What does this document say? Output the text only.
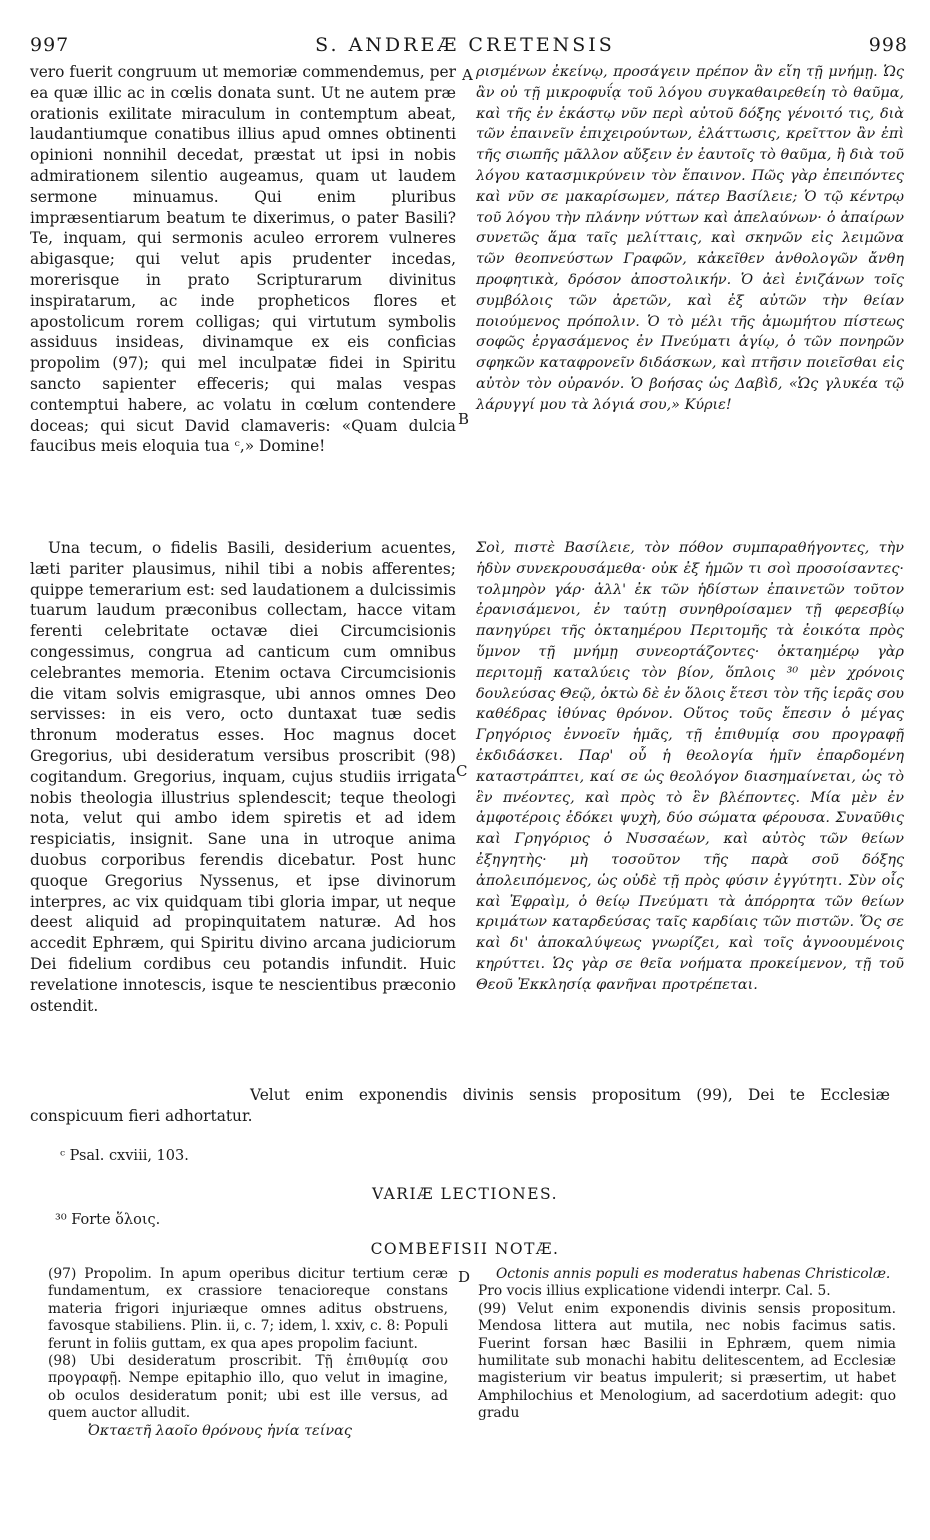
997	S. ANDREÆ CRETENSIS	998

vero fuerit congruum ut memoriæ commendemus, per ea quæ illic ac in cœlis donata sunt. Ut ne autem præ orationis exilitate miraculum in contemptum abeat, laudantiumque conatibus illius apud omnes obtinenti opinioni nonnihil decedat, præstat ut ipsi in nobis admirationem silentio augeamus, quam ut laudem sermone minuamus. Qui enim pluribus impræsentiarum beatum te dixerimus, o pater Basili? Te, inquam, qui sermonis aculeo errorem vulneres abigasque; qui velut apis prudenter incedas, morerisque in prato Scripturarum divinitus inspiratarum, ac inde propheticos flores et apostolicum rorem colligas; qui virtutum symbolis assiduus insideas, divinamque ex eis conficias propolim (97); qui mel inculpatæ fidei in Spiritu sancto sapienter effeceris; qui malas vespas contemptui habere, ac volatu in cœlum contendere doceas; qui sicut David clamaveris: «Quam dulcia faucibus meis eloquia tua ᶜ,» Domine!

Una tecum, o fidelis Basili, desiderium acuentes, læti pariter plausimus, nihil tibi a nobis afferentes; quippe temerarium est: sed laudationem a dulcissimis tuarum laudum præconibus collectam, hacce vitam ferenti celebritate octavæ diei Circumcisionis congessimus, congrua ad canticum cum omnibus celebrantes memoria. Etenim octava Circumcisionis die vitam solvis emigrasque, ubi annos omnes Deo servisses: in eis vero, octo duntaxat tuæ sedis thronum moderatus esses. Hoc magnus docet Gregorius, ubi desideratum versibus proscribit (98) cogitandum. Gregorius, inquam, cujus studiis irrigata nobis theologia illustrius splendescit; teque theologi nota, velut qui ambo idem spiretis et ad idem respiciatis, insignit. Sane una in utroque anima duobus corporibus ferendis dicebatur. Post hunc quoque Gregorius Nyssenus, et ipse divinorum interpres, ac vix quidquam tibi gloria impar, ut neque deest aliquid ad propinquitatem naturæ. Ad hos accedit Ephræm, qui Spiritu divino arcana judiciorum Dei fidelium cordibus ceu potandis infundit. Huic revelatione innotescis, isque te nescientibus præconio ostendit.

ρισμένων ἐκείνῳ, προσάγειν πρέπον ἂν εἴη τῇ μνήμῃ. Ὡς ἂν οὐ τῇ μικροφυΐᾳ τοῦ λόγου συγκαθαιρεθείη τὸ θαῦμα, καὶ τῆς ἐν ἑκάστῳ νῦν περὶ αὐτοῦ δόξης γένοιτό τις, διὰ τῶν ἐπαινεῖν ἐπιχειρούντων, ἐλάττωσις, κρεῖττον ἂν ἐπὶ τῆς σιωπῆς μᾶλλον αὔξειν ἐν ἑαυτοῖς τὸ θαῦμα, ἢ διὰ τοῦ λόγου κατασμικρύνειν τὸν ἔπαινον. Πῶς γὰρ ἐπειπόντες καὶ νῦν σε μακαρίσωμεν, πάτερ Βασίλειε; Ὁ τῷ κέντρῳ τοῦ λόγου τὴν πλάνην νύττων καὶ ἀπελαύνων· ὁ ἀπαίρων συνετῶς ἅμα ταῖς μελίτταις, καὶ σκηνῶν εἰς λειμῶνα τῶν θεοπνεύστων Γραφῶν, κἀκεῖθεν ἀνθολογῶν ἄνθη προφητικὰ, δρόσον ἀποστολικήν. Ὁ ἀεὶ ἐνιζάνων τοῖς συμβόλοις τῶν ἀρετῶν, καὶ ἐξ αὐτῶν τὴν θείαν ποιούμενος πρόπολιν. Ὁ τὸ μέλι τῆς ἀμωμήτου πίστεως σοφῶς ἐργασάμενος ἐν Πνεύματι ἁγίῳ, ὁ τῶν πονηρῶν σφηκῶν καταφρονεῖν διδάσκων, καὶ πτῆσιν ποιεῖσθαι εἰς αὐτὸν τὸν οὐρανόν. Ὁ βοήσας ὡς Δαβὶδ, «Ὡς γλυκέα τῷ λάρυγγί μου τὰ λόγιά σου,» Κύριε!

Σοὶ, πιστὲ Βασίλειε, τὸν πόθον συμπαραθήγοντες, τὴν ἡδὺν συνεκρουσάμεθα· οὐκ ἐξ ἡμῶν τι σοὶ προσοίσαντες· τολμηρὸν γάρ· ἀλλ' ἐκ τῶν ἡδίστων ἐπαινετῶν τοῦτον ἐρανισάμενοι, ἐν ταύτῃ συνηθροίσαμεν τῇ φερεσβίῳ πανηγύρει τῆς ὀκταημέρου Περιτομῆς τὰ ἐοικότα πρὸς ὕμνον τῇ μνήμῃ συνεορτάζοντες· ὀκταημέρῳ γὰρ περιτομῇ καταλύεις τὸν βίον, ὅπλοις ³⁰ μὲν χρόνοις δουλεύσας Θεῷ, ὀκτὼ δὲ ἐν ὅλοις ἔτεσι τὸν τῆς ἱερᾶς σου καθέδρας ἰθύνας θρόνον. Οὕτος τοῦς ἔπεσιν ὁ μέγας Γρηγόριος ἐννοεῖν ἡμᾶς, τῇ ἐπιθυμίᾳ σου προγραφῇ ἐκδιδάσκει. Παρ' οὗ ἡ θεολογία ἡμῖν ἐπαρδομένη καταστράπτει, καί σε ὡς θεολόγον διασημαίνεται, ὡς τὸ ἓν πνέοντες, καὶ πρὸς τὸ ἓν βλέποντες. Μία μὲν ἐν ἀμφοτέροις ἐδόκει ψυχὴ, δύο σώματα φέρουσα. Συναῦθις καὶ Γρηγόριος ὁ Νυσσαέων, καὶ αὐτὸς τῶν θείων ἐξηγητὴς· μὴ τοσοῦτον τῆς παρὰ σοῦ δόξης ἀπολειπόμενος, ὡς οὐδὲ τῇ πρὸς φύσιν ἐγγύτητι. Σὺν οἷς καὶ Ἐφραὶμ, ὁ θείῳ Πνεύματι τὰ ἀπόρρητα τῶν θείων κριμάτων καταρδεύσας ταῖς καρδίαις τῶν πιστῶν. Ὅς σε καὶ δι' ἀποκαλύψεως γνωρίζει, καὶ τοῖς ἀγνοουμένοις κηρύττει. Ὡς γὰρ σε θεῖα νοήματα προκείμενον, τῇ τοῦ Θεοῦ Ἐκκλησίᾳ φανῆναι προτρέπεται.

A
B
C
D

Velut enim exponendis divinis sensis propositum (99), Dei te Ecclesiæ conspicuum fieri adhortatur.

ᶜ Psal. cxviii, 103.
VARIÆ LECTIONES.
³⁰ Forte ὅλοις.
COMBEFISII NOTÆ.

(97) Propolim. In apum operibus dicitur tertium ceræ fundamentum, ex crassiore tenacioreque constans materia frigori injuriæque omnes aditus obstruens, favosque stabiliens. Plin. ii, c. 7; idem, l. xxiv, c. 8: Populi ferunt in foliis guttam, ex qua apes propolim faciunt.

(98) Ubi desideratum proscribit. Τῇ ἐπιθυμίᾳ σου προγραφῇ. Nempe epitaphio illo, quo velut in imagine, ob oculos desideratum ponit; ubi est ille versus, ad quem auctor alludit.

Ὀκταετῆ λαοῖο θρόνους ἡνία τείνας

Octonis annis populi es moderatus habenas Christicolæ.

Pro vocis illius explicatione videndi interpr. Cal. 5.

(99) Velut enim exponendis divinis sensis propositum. Mendosa littera aut mutila, nec nobis facimus satis. Fuerint forsan hæc Basilii in Ephræm, quem nimia humilitate sub monachi habitu delitescentem, ad Ecclesiæ magisterium vir beatus impulerit; si præsertim, ut habet Amphilochius et Menologium, ad sacerdotium adegit: quo gradu
